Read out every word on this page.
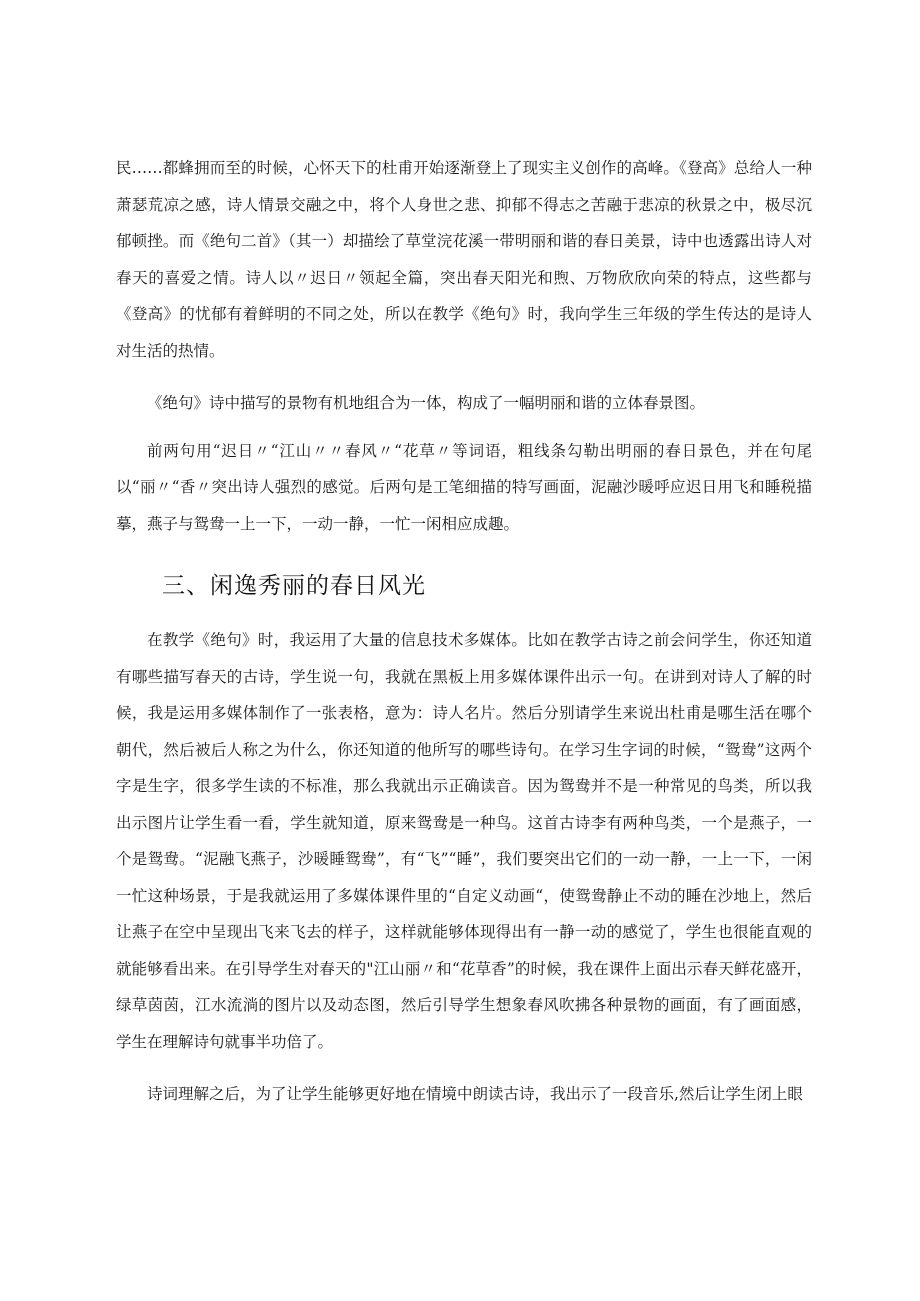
民……都蜂拥而至的时候，心怀天下的杜甫开始逐渐登上了现实主义创作的高峰。《登高》总给人一种萧瑟荒凉之感，诗人情景交融之中，将个人身世之悲、抑郁不得志之苦融于悲凉的秋景之中，极尽沉郁顿挫。而《绝句二首》（其一）却描绘了草堂浣花溪一带明丽和谐的春日美景，诗中也透露出诗人对春天的喜爱之情。诗人以〃迟日〃领起全篇，突出春天阳光和煦、万物欣欣向荣的特点，这些都与《登高》的忧郁有着鲜明的不同之处，所以在教学《绝句》时，我向学生三年级的学生传达的是诗人对生活的热情。

《绝句》诗中描写的景物有机地组合为一体，构成了一幅明丽和谐的立体春景图。

前两句用“迟日〃“江山〃〃春风〃“花草〃等词语，粗线条勾勒出明丽的春日景色，并在句尾以“丽〃“香〃突出诗人强烈的感觉。后两句是工笔细描的特写画面，泥融沙暖呼应迟日用飞和睡税描摹，燕子与鸳鸯一上一下，一动一静，一忙一闲相应成趣。

三、闲逸秀丽的春日风光

在教学《绝句》时，我运用了大量的信息技术多媒体。比如在教学古诗之前会问学生，你还知道有哪些描写春天的古诗，学生说一句，我就在黑板上用多媒体课件出示一句。在讲到对诗人了解的时候，我是运用多媒体制作了一张表格，意为：诗人名片。然后分别请学生来说出杜甫是哪生活在哪个朝代，然后被后人称之为什么，你还知道的他所写的哪些诗句。在学习生字词的时候，“鸳鸯”这两个字是生字，很多学生读的不标准，那么我就出示正确读音。因为鸳鸯并不是一种常见的鸟类，所以我出示图片让学生看一看，学生就知道，原来鸳鸯是一种鸟。这首古诗李有两种鸟类，一个是燕子，一个是鸳鸯。“泥融飞燕子，沙暖睡鸳鸯”，有“飞”“睡”，我们要突出它们的一动一静，一上一下，一闲一忙这种场景，于是我就运用了多媒体课件里的“自定义动画“，使鸳鸯静止不动的睡在沙地上，然后让燕子在空中呈现出飞来飞去的样子，这样就能够体现得出有一静一动的感觉了，学生也很能直观的就能够看出来。在引导学生对春天的"江山丽〃和“花草香”的时候，我在课件上面出示春天鲜花盛开，绿草茵茵，江水流淌的图片以及动态图，然后引导学生想象春风吹拂各种景物的画面，有了画面感，学生在理解诗句就事半功倍了。

诗词理解之后，为了让学生能够更好地在情境中朗读古诗，我出示了一段音乐,然后让学生闭上眼
